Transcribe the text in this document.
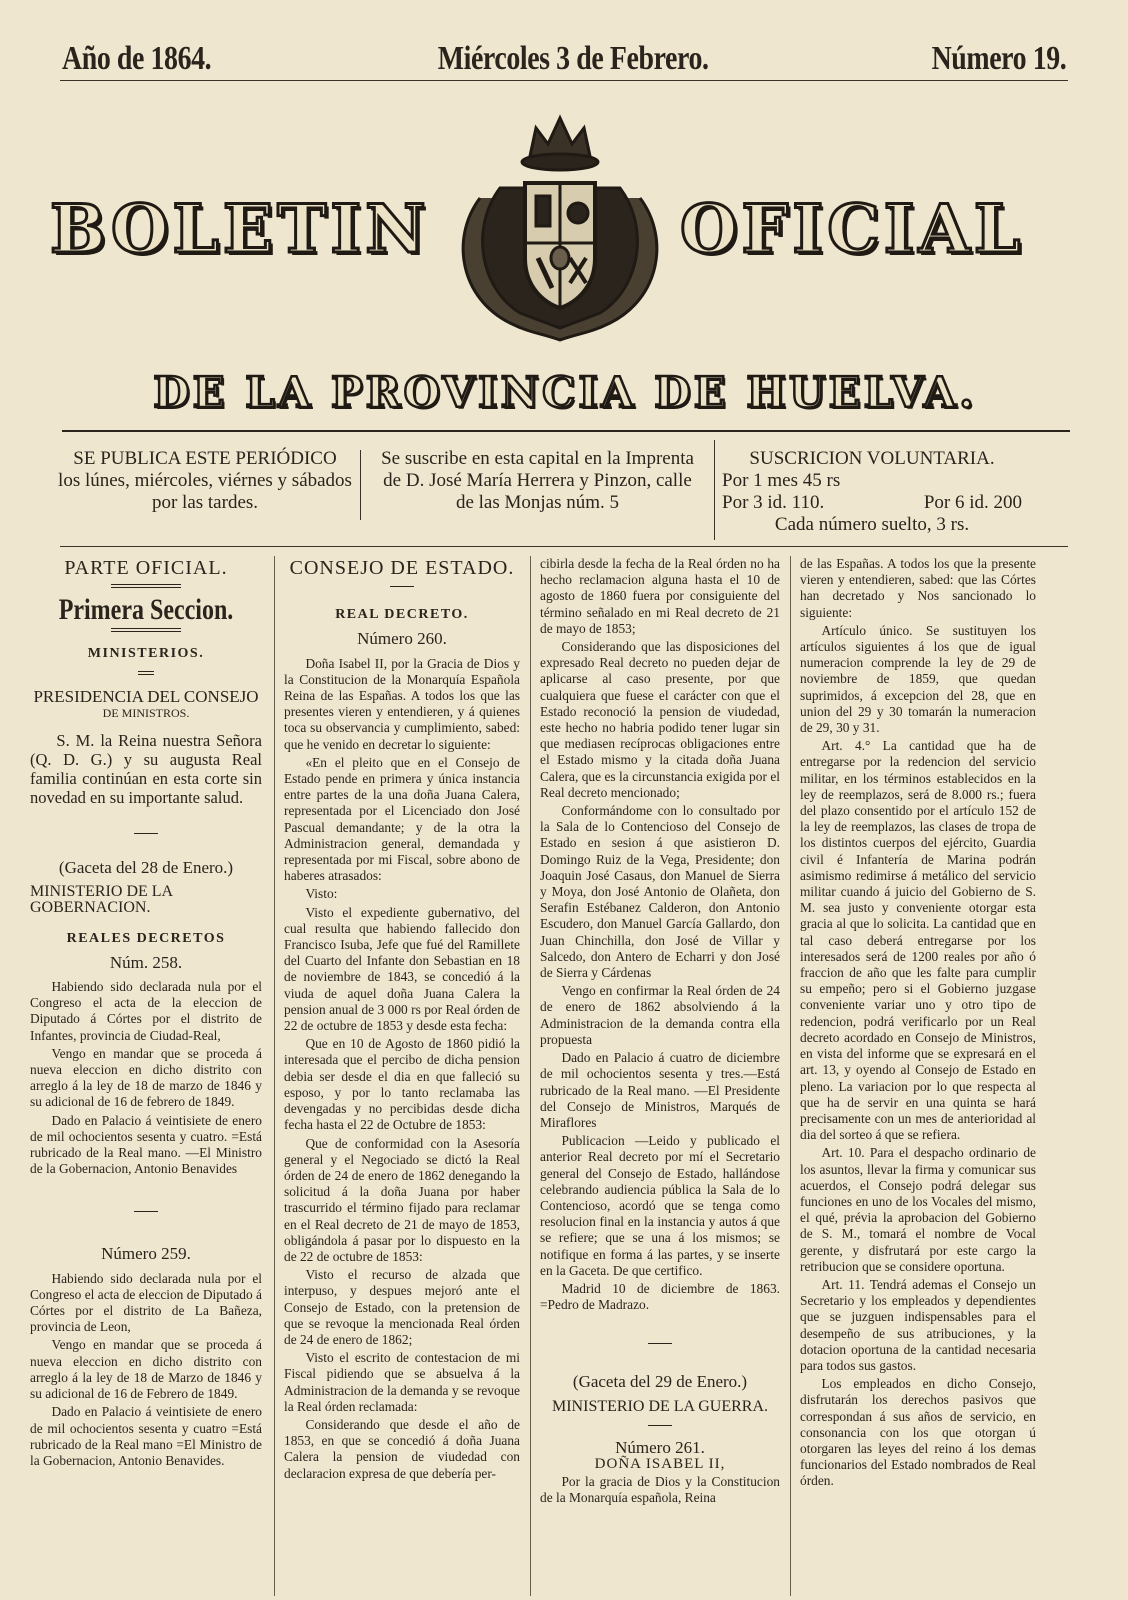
Año de 1864.	Miércoles 3 de Febrero.	Número 19.
BOLETIN	OFICIAL
DE LA PROVINCIA DE HUELVA.
SE PUBLICA ESTE PERIÓDICO
los lúnes, miércoles, viérnes y sábados
por las tardes.
Se suscribe en esta capital en la Imprenta
de D. José María Herrera y Pinzon, calle
de las Monjas núm. 5
SUSCRICION VOLUNTARIA.
Por 1 mes 45 rs
Por 3 id. 110.	Por 6 id. 200
Cada número suelto, 3 rs.
PARTE OFICIAL.
Primera Seccion.
MINISTERIOS.
PRESIDENCIA DEL CONSEJO
DE MINISTROS.

S. M. la Reina nuestra Señora (Q. D. G.) y su augusta Real familia continúan en esta corte sin novedad en su importante salud.

(Gaceta del 28 de Enero.)
MINISTERIO DE LA GOBERNACION.
REALES DECRETOS
Núm. 258.

Habiendo sido declarada nula por el Congreso el acta de la eleccion de Diputado á Córtes por el distrito de Infantes, provincia de Ciudad-Real,

Vengo en mandar que se proceda á nueva eleccion en dicho distrito con arreglo á la ley de 18 de marzo de 1846 y su adicional de 16 de febrero de 1849.

Dado en Palacio á veintisiete de enero de mil ochocientos sesenta y cuatro. =Está rubricado de la Real mano. —El Ministro de la Gobernacion, Antonio Benavides

Número 259.

Habiendo sido declarada nula por el Congreso el acta de eleccion de Diputado á Córtes por el distrito de La Bañeza, provincia de Leon,

Vengo en mandar que se proceda á nueva eleccion en dicho distrito con arreglo á la ley de 18 de Marzo de 1846 y su adicional de 16 de Febrero de 1849.

Dado en Palacio á veintisiete de enero de mil ochocientos sesenta y cuatro =Está rubricado de la Real mano =El Ministro de la Gobernacion, Antonio Benavides.

CONSEJO DE ESTADO.
REAL DECRETO.
Número 260.

Doña Isabel II, por la Gracia de Dios y la Constitucion de la Monarquía Española Reina de las Españas. A todos los que las presentes vieren y entendieren, y á quienes toca su observancia y cumplimiento, sabed: que he venido en decretar lo siguiente:

«En el pleito que en el Consejo de Estado pende en primera y única instancia entre partes de la una doña Juana Calera, representada por el Licenciado don José Pascual demandante; y de la otra la Administracion general, demandada y representada por mi Fiscal, sobre abono de haberes atrasados:

Visto:

Visto el expediente gubernativo, del cual resulta que habiendo fallecido don Francisco Isuba, Jefe que fué del Ramillete del Cuarto del Infante don Sebastian en 18 de noviembre de 1843, se concedió á la viuda de aquel doña Juana Calera la pension anual de 3 000 rs por Real órden de 22 de octubre de 1853 y desde esta fecha:

Que en 10 de Agosto de 1860 pidió la interesada que el percibo de dicha pension debia ser desde el dia en que falleció su esposo, y por lo tanto reclamaba las devengadas y no percibidas desde dicha fecha hasta el 22 de Octubre de 1853:

Que de conformidad con la Asesoría general y el Negociado se dictó la Real órden de 24 de enero de 1862 denegando la solicitud á la doña Juana por haber trascurrido el término fijado para reclamar en el Real decreto de 21 de mayo de 1853, obligándola á pasar por lo dispuesto en la de 22 de octubre de 1853:

Visto el recurso de alzada que interpuso, y despues mejoró ante el Consejo de Estado, con la pretension de que se revoque la mencionada Real órden de 24 de enero de 1862;

Visto el escrito de contestacion de mi Fiscal pidiendo que se absuelva á la Administracion de la demanda y se revoque la Real órden reclamada:

Considerando que desde el año de 1853, en que se concedió á doña Juana Calera la pension de viudedad con declaracion expresa de que debería per-

cibirla desde la fecha de la Real órden no ha hecho reclamacion alguna hasta el 10 de agosto de 1860 fuera por consiguiente del término señalado en mi Real decreto de 21 de mayo de 1853;

Considerando que las disposiciones del expresado Real decreto no pueden dejar de aplicarse al caso presente, por que cualquiera que fuese el carácter con que el Estado reconoció la pension de viudedad, este hecho no habria podido tener lugar sin que mediasen recíprocas obligaciones entre el Estado mismo y la citada doña Juana Calera, que es la circunstancia exigida por el Real decreto mencionado;

Conformándome con lo consultado por la Sala de lo Contencioso del Consejo de Estado en sesion á que asistieron D. Domingo Ruiz de la Vega, Presidente; don Joaquin José Casaus, don Manuel de Sierra y Moya, don José Antonio de Olañeta, don Serafin Estébanez Calderon, don Antonio Escudero, don Manuel García Gallardo, don Juan Chinchilla, don José de Villar y Salcedo, don Antero de Echarri y don José de Sierra y Cárdenas

Vengo en confirmar la Real órden de 24 de enero de 1862 absolviendo á la Administracion de la demanda contra ella propuesta

Dado en Palacio á cuatro de diciembre de mil ochocientos sesenta y tres.—Está rubricado de la Real mano. —El Presidente del Consejo de Ministros, Marqués de Miraflores

Publicacion —Leido y publicado el anterior Real decreto por mí el Secretario general del Consejo de Estado, hallándose celebrando audiencia pública la Sala de lo Contencioso, acordó que se tenga como resolucion final en la instancia y autos á que se refiere; que se una á los mismos; se notifique en forma á las partes, y se inserte en la Gaceta. De que certifico.

Madrid 10 de diciembre de 1863. =Pedro de Madrazo.

(Gaceta del 29 de Enero.)
MINISTERIO DE LA GUERRA.
Número 261.
DOÑA ISABEL II,

Por la gracia de Dios y la Constitucion de la Monarquía española, Reina

de las Españas. A todos los que la presente vieren y entendieren, sabed: que las Córtes han decretado y Nos sancionado lo siguiente:

Artículo único. Se sustituyen los artículos siguientes á los que de igual numeracion comprende la ley de 29 de noviembre de 1859, que quedan suprimidos, á excepcion del 28, que en union del 29 y 30 tomarán la numeracion de 29, 30 y 31.

Art. 4.° La cantidad que ha de entregarse por la redencion del servicio militar, en los términos establecidos en la ley de reemplazos, será de 8.000 rs.; fuera del plazo consentido por el artículo 152 de la ley de reemplazos, las clases de tropa de los distintos cuerpos del ejército, Guardia civil é Infantería de Marina podrán asimismo redimirse á metálico del servicio militar cuando á juicio del Gobierno de S. M. sea justo y conveniente otorgar esta gracia al que lo solicita. La cantidad que en tal caso deberá entregarse por los interesados será de 1200 reales por año ó fraccion de año que les falte para cumplir su empeño; pero si el Gobierno juzgase conveniente variar uno y otro tipo de redencion, podrá verificarlo por un Real decreto acordado en Consejo de Ministros, en vista del informe que se expresará en el art. 13, y oyendo al Consejo de Estado en pleno. La variacion por lo que respecta al que ha de servir en una quinta se hará precisamente con un mes de anterioridad al dia del sorteo á que se refiera.

Art. 10. Para el despacho ordinario de los asuntos, llevar la firma y comunicar sus acuerdos, el Consejo podrá delegar sus funciones en uno de los Vocales del mismo, el qué, prévia la aprobacion del Gobierno de S. M., tomará el nombre de Vocal gerente, y disfrutará por este cargo la retribucion que se considere oportuna.

Art. 11. Tendrá ademas el Consejo un Secretario y los empleados y dependientes que se juzguen indispensables para el desempeño de sus atribuciones, y la dotacion oportuna de la cantidad necesaria para todos sus gastos.

Los empleados en dicho Consejo, disfrutarán los derechos pasivos que correspondan á sus años de servicio, en consonancia con los que otorgan ú otorgaren las leyes del reino á los demas funcionarios del Estado nombrados de Real órden.
